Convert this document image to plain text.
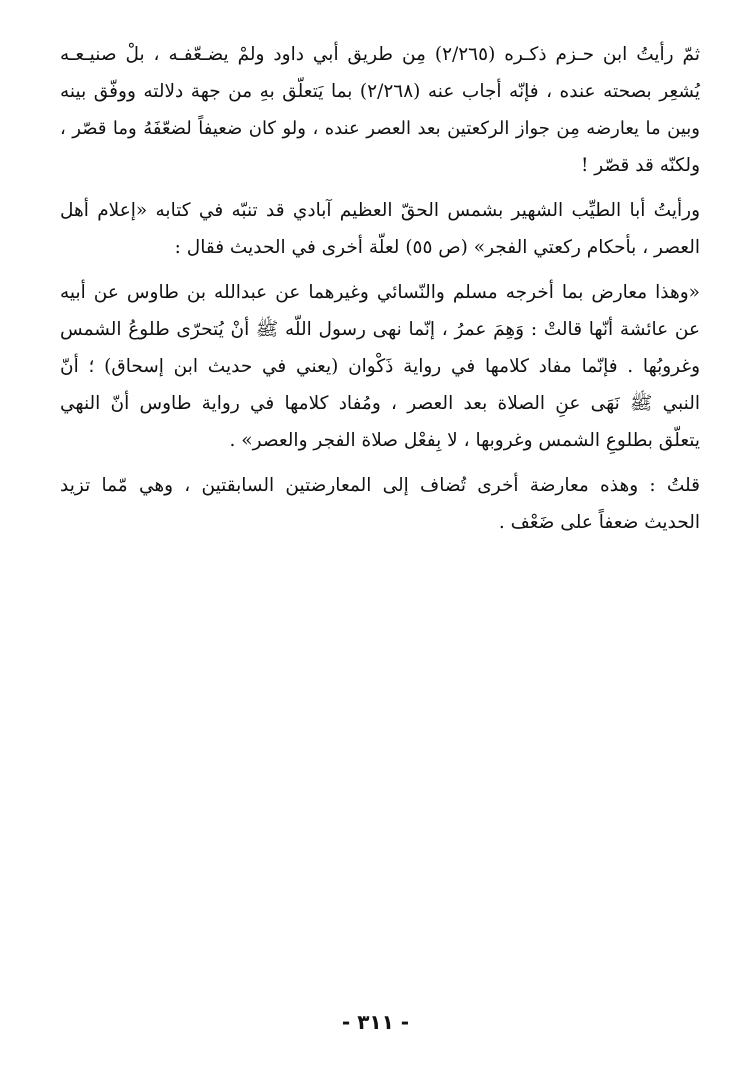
ثمّ رأيتُ ابن حـزم ذكـره (٢/٢٦٥) مِن طريق أبي داود ولمْ يضـعّفـه ، بلْ صنيـعـه
يُشعِر بصحته عنده ، فإنّه أجاب عنه (٢/٢٦٨) بما يَتعلّق بهِ من جهة دلالته ووفّق بينه
وبين ما يعارضه مِن جواز الركعتين بعد العصر عنده ، ولو كان ضعيفاً لضعّفَهُ وما قصّر ،
ولكنّه قد قصّر !

ورأيتُ أبا الطيِّب الشهير بشمس الحقّ العظيم آبادي قد تنبّه في كتابه «إعلام أهل
العصر ، بأحكام ركعتي الفجر» (ص ٥٥) لعلّة أخرى في الحديث فقال :

«وهذا معارض بما أخرجه مسلم والنّسائي وغيرهما عن عبدالله بن طاوس عن أبيه
عن عائشة أنّها قالتْ : وَهِمَ عمرُ ، إنّما نهى رسول اللّه ﷺ أنْ يُتحرّى طلوعُ الشمس
وغروبُها . فإنّما مفاد كلامها في رواية ذَكْوان (يعني في حديث ابن إسحاق) ؛ أنّ
النبي ﷺ نَهَى عنِ الصلاة بعد العصر ، ومُفاد كلامها في رواية طاوس أنّ النهي
يتعلّق بطلوعِ الشمس وغروبها ، لا بِفعْل صلاة الفجر والعصر» .

قلتُ : وهذه معارضة أخرى تُضاف إلى المعارضتين السابقتين ، وهي مّما تزيد
الحديث ضعفاً على ضَعْف .

- ٣١١ -
